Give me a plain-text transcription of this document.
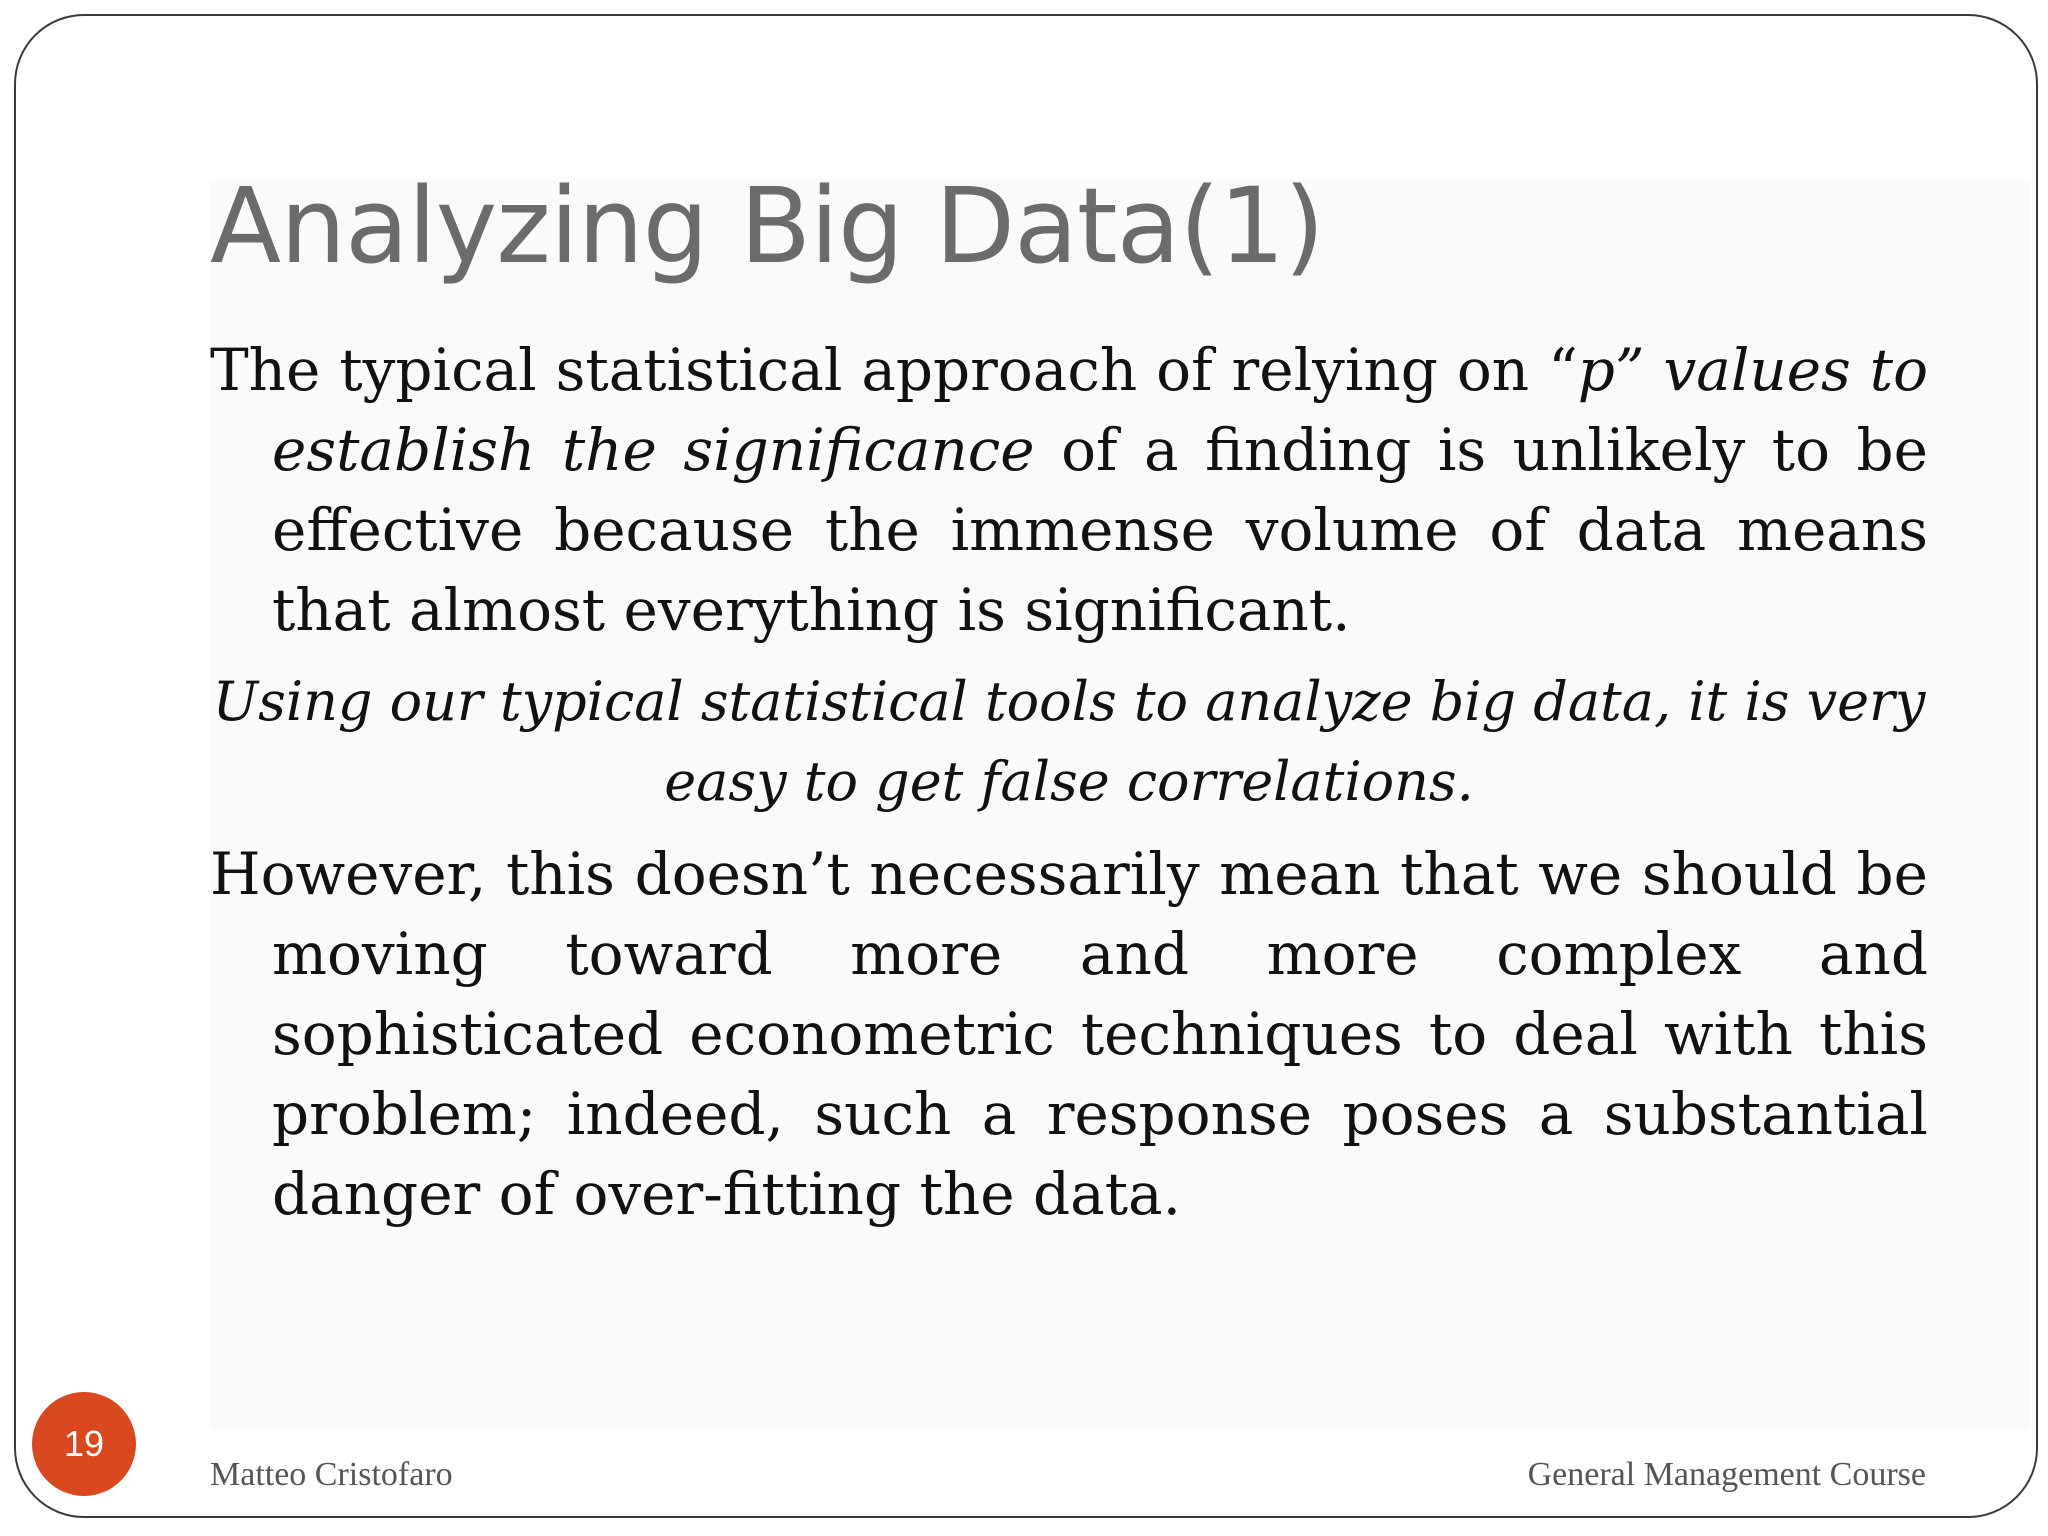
Analyzing Big Data(1)

The typical statistical approach of relying on “p” values to establish the significance of a finding is unlikely to be effective because the immense volume of data means that almost everything is significant.

Using our typical statistical tools to analyze big data, it is very easy to get false correlations.

However, this doesn’t necessarily mean that we should be moving toward more and more complex and sophisticated econometric techniques to deal with this problem; indeed, such a response poses a substantial danger of over-fitting the data.

19
Matteo Cristofaro	General Management Course
